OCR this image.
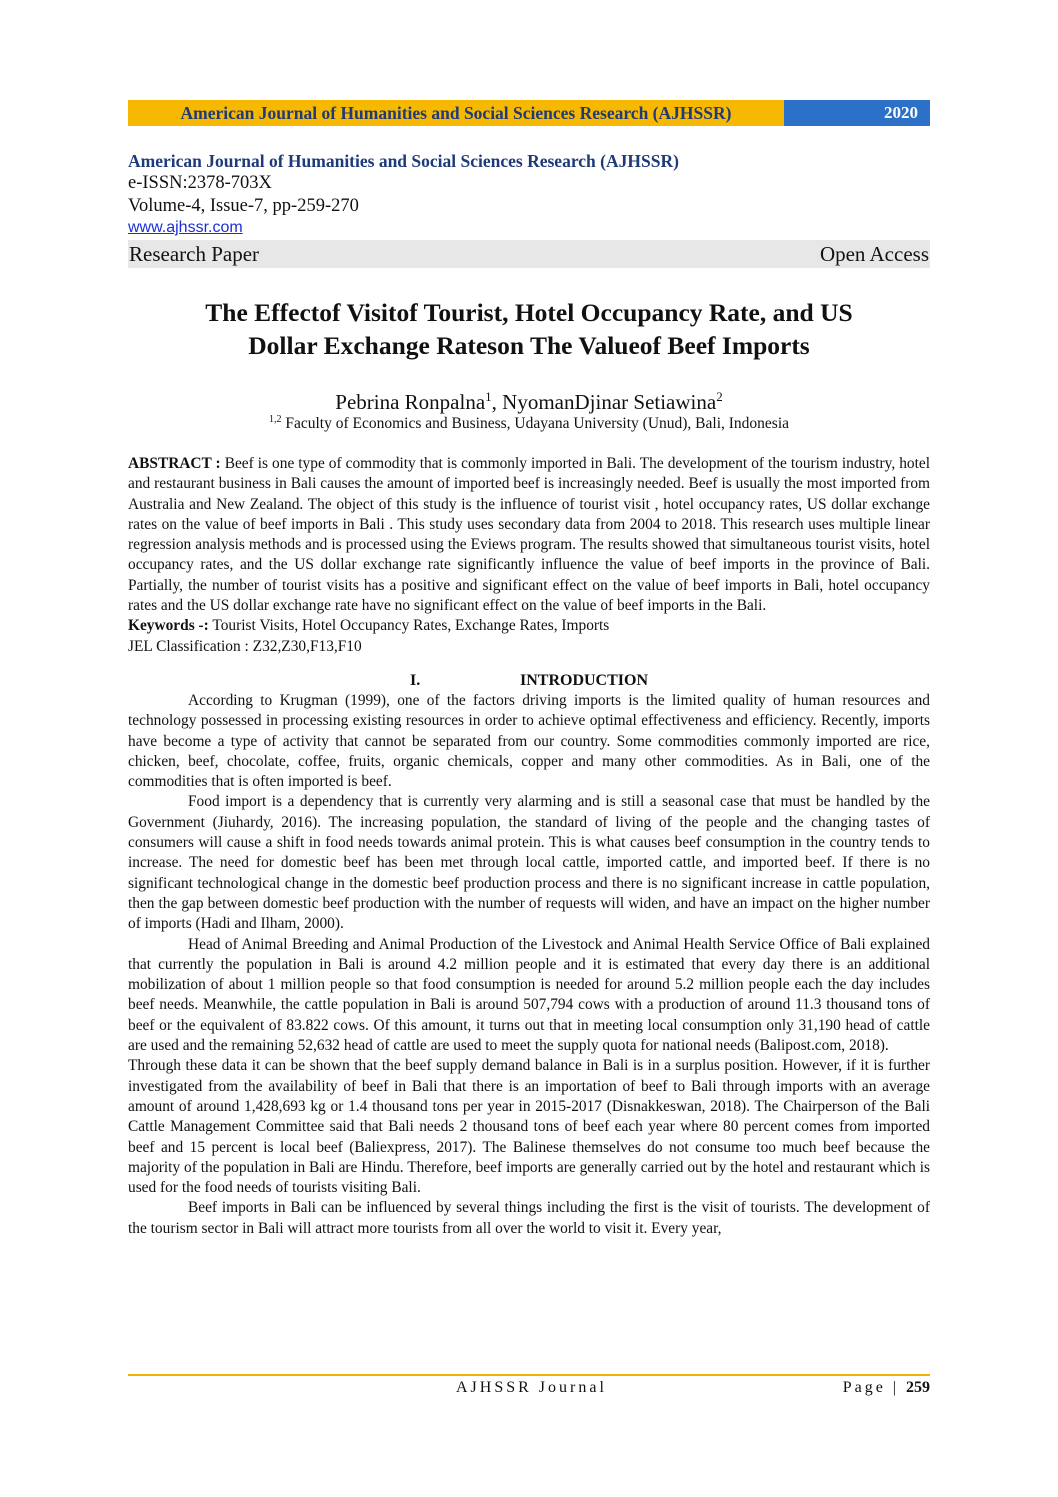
American Journal of Humanities and Social Sciences Research (AJHSSR)	2020
American Journal of Humanities and Social Sciences Research (AJHSSR)
e-ISSN:2378-703X
Volume-4, Issue-7, pp-259-270
www.ajhssr.com
Research Paper	Open Access
The Effectof Visitof Tourist, Hotel Occupancy Rate, and US
Dollar Exchange Rateson The Valueof Beef Imports
Pebrina Ronpalna$^1$, NyomanDjinar Setiawina$^2$
$^{1,2}$ Faculty of Economics and Business, Udayana University (Unud), Bali, Indonesia

ABSTRACT : Beef is one type of commodity that is commonly imported in Bali. The development of the tourism industry, hotel and restaurant business in Bali causes the amount of imported beef is increasingly needed. Beef is usually the most imported from Australia and New Zealand. The object of this study is the influence of tourist visit , hotel occupancy rates, US dollar exchange rates on the value of beef imports in Bali . This study uses secondary data from 2004 to 2018. This research uses multiple linear regression analysis methods and is processed using the Eviews program. The results showed that simultaneous tourist visits, hotel occupancy rates, and the US dollar exchange rate significantly influence the value of beef imports in the province of Bali. Partially, the number of tourist visits has a positive and significant effect on the value of beef imports in Bali, hotel occupancy rates and the US dollar exchange rate have no significant effect on the value of beef imports in the Bali.

Keywords -: Tourist Visits, Hotel Occupancy Rates, Exchange Rates, Imports

JEL Classification : Z32,Z30,F13,F10

I.	INTRODUCTION

According to Krugman (1999), one of the factors driving imports is the limited quality of human resources and technology possessed in processing existing resources in order to achieve optimal effectiveness and efficiency. Recently, imports have become a type of activity that cannot be separated from our country. Some commodities commonly imported are rice, chicken, beef, chocolate, coffee, fruits, organic chemicals, copper and many other commodities. As in Bali, one of the commodities that is often imported is beef.

Food import is a dependency that is currently very alarming and is still a seasonal case that must be handled by the Government (Jiuhardy, 2016). The increasing population, the standard of living of the people and the changing tastes of consumers will cause a shift in food needs towards animal protein. This is what causes beef consumption in the country tends to increase. The need for domestic beef has been met through local cattle, imported cattle, and imported beef. If there is no significant technological change in the domestic beef production process and there is no significant increase in cattle population, then the gap between domestic beef production with the number of requests will widen, and have an impact on the higher number of imports (Hadi and Ilham, 2000).

Head of Animal Breeding and Animal Production of the Livestock and Animal Health Service Office of Bali explained that currently the population in Bali is around 4.2 million people and it is estimated that every day there is an additional mobilization of about 1 million people so that food consumption is needed for around 5.2 million people each the day includes beef needs. Meanwhile, the cattle population in Bali is around 507,794 cows with a production of around 11.3 thousand tons of beef or the equivalent of 83.822 cows. Of this amount, it turns out that in meeting local consumption only 31,190 head of cattle are used and the remaining 52,632 head of cattle are used to meet the supply quota for national needs (Balipost.com, 2018).

Through these data it can be shown that the beef supply demand balance in Bali is in a surplus position. However, if it is further investigated from the availability of beef in Bali that there is an importation of beef to Bali through imports with an average amount of around 1,428,693 kg or 1.4 thousand tons per year in 2015-2017 (Disnakkeswan, 2018). The Chairperson of the Bali Cattle Management Committee said that Bali needs 2 thousand tons of beef each year where 80 percent comes from imported beef and 15 percent is local beef (Baliexpress, 2017). The Balinese themselves do not consume too much beef because the majority of the population in Bali are Hindu. Therefore, beef imports are generally carried out by the hotel and restaurant which is used for the food needs of tourists visiting Bali.

Beef imports in Bali can be influenced by several things including the first is the visit of tourists. The development of the tourism sector in Bali will attract more tourists from all over the world to visit it. Every year,

AJHSSR Journal	Page | 259
